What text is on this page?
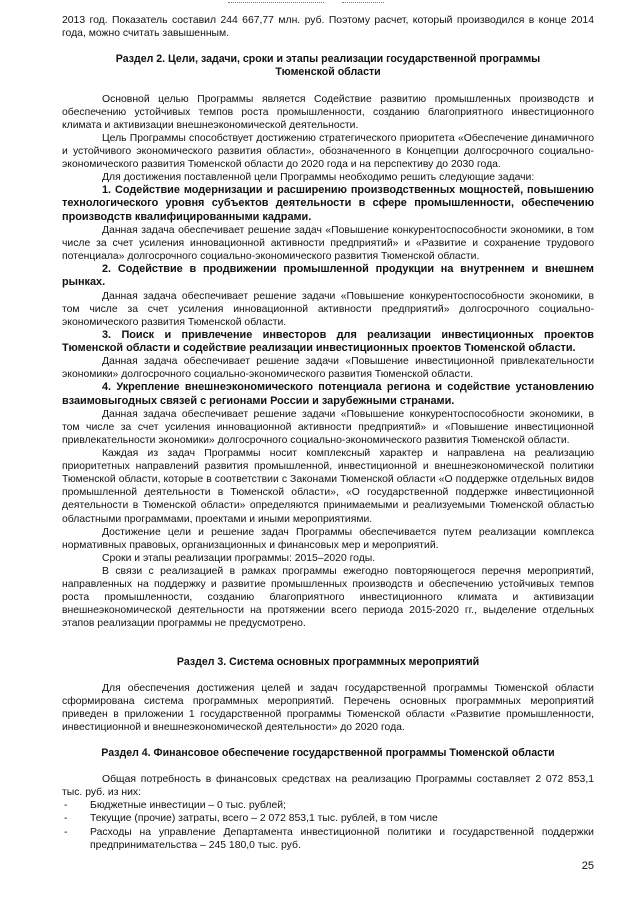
2013 год. Показатель составил 244 667,77 млн. руб. Поэтому расчет, который производился в конце 2014 года, можно считать завышенным.

Раздел 2. Цели, задачи, сроки и этапы реализации государственной программы Тюменской области

Основной целью Программы является Содействие развитию промышленных производств и обеспечению устойчивых темпов роста промышленности, созданию благоприятного инвестиционного климата и активизации внешнеэкономической деятельности.

Цель Программы способствует достижению стратегического приоритета «Обеспечение динамичного и устойчивого экономического развития области», обозначенного в Концепции долгосрочного социально-экономического развития Тюменской области до 2020 года и на перспективу до 2030 года.

Для достижения поставленной цели Программы необходимо решить следующие задачи:

1. Содействие модернизации и расширению производственных мощностей, повышению технологического уровня субъектов деятельности в сфере промышленности, обеспечению производств квалифицированными кадрами.

Данная задача обеспечивает решение задач «Повышение конкурентоспособности экономики, в том числе за счет усиления инновационной активности предприятий» и «Развитие и сохранение трудового потенциала» долгосрочного социально-экономического развития Тюменской области.

2. Содействие в продвижении промышленной продукции на внутреннем и внешнем рынках.

Данная задача обеспечивает решение задачи «Повышение конкурентоспособности экономики, в том числе за счет усиления инновационной активности предприятий» долгосрочного социально-экономического развития Тюменской области.

3. Поиск и привлечение инвесторов для реализации инвестиционных проектов Тюменской области и содействие реализации инвестиционных проектов Тюменской области.

Данная задача обеспечивает решение задачи «Повышение инвестиционной привлекательности экономики» долгосрочного социально-экономического развития Тюменской области.

4. Укрепление внешнеэкономического потенциала региона и содействие установлению взаимовыгодных связей с регионами России и зарубежными странами.

Данная задача обеспечивает решение задачи «Повышение конкурентоспособности экономики, в том числе за счет усиления инновационной активности предприятий» и «Повышение инвестиционной привлекательности экономики» долгосрочного социально-экономического развития Тюменской области.

Каждая из задач Программы носит комплексный характер и направлена на реализацию приоритетных направлений развития промышленной, инвестиционной и внешнеэкономической политики Тюменской области, которые в соответствии с Законами Тюменской области «О поддержке отдельных видов промышленной деятельности в Тюменской области», «О государственной поддержке инвестиционной деятельности в Тюменской области» определяются принимаемыми и реализуемыми Тюменской областью областными программами, проектами и иными мероприятиями.

Достижение цели и решение задач Программы обеспечивается путем реализации комплекса нормативных правовых, организационных и финансовых мер и мероприятий.

Сроки и этапы реализации программы: 2015–2020 годы.

В связи с реализацией в рамках программы ежегодно повторяющегося перечня мероприятий, направленных на поддержку и развитие промышленных производств и обеспечению устойчивых темпов роста промышленности, созданию благоприятного инвестиционного климата и активизации внешнеэкономической деятельности на протяжении всего периода 2015-2020 гг., выделение отдельных этапов реализации программы не предусмотрено.

Раздел 3. Система основных программных мероприятий

Для обеспечения достижения целей и задач государственной программы Тюменской области сформирована система программных мероприятий. Перечень основных программных мероприятий приведен в приложении 1 государственной программы Тюменской области «Развитие промышленности, инвестиционной и внешнеэкономической деятельности» до 2020 года.

Раздел 4. Финансовое обеспечение государственной программы Тюменской области

Общая потребность в финансовых средствах на реализацию Программы составляет 2 072 853,1 тыс. руб. из них:

- Бюджетные инвестиции – 0 тыс. рублей;
- Текущие (прочие) затраты, всего – 2 072 853,1 тыс. рублей, в том числе
- Расходы на управление Департамента инвестиционной политики и государственной поддержки предпринимательства – 245 180,0 тыс. руб.
25
